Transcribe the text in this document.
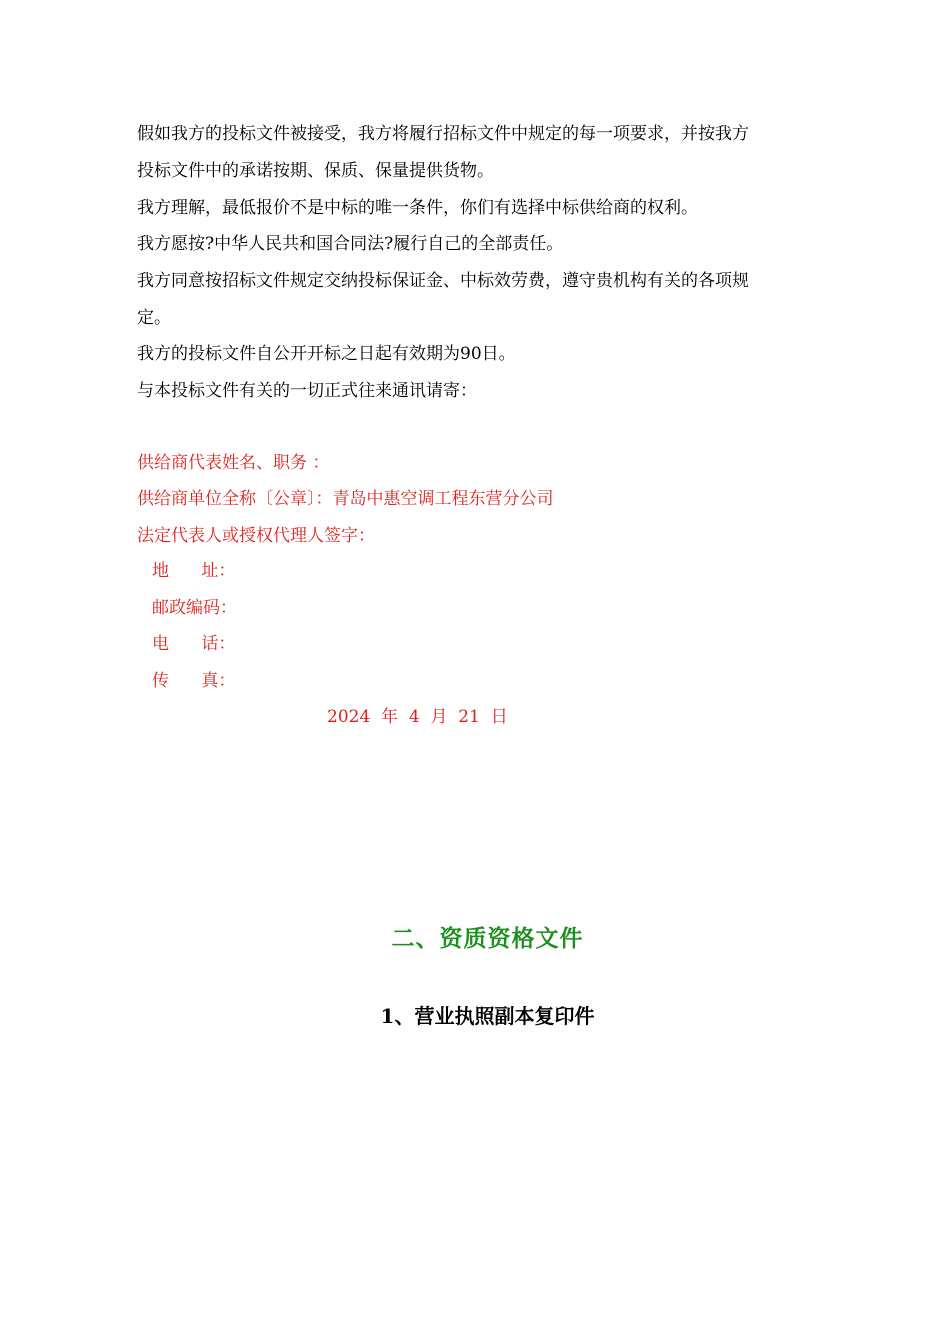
假如我方的投标文件被接受，我方将履行招标文件中规定的每一项要求，并按我方

投标文件中的承诺按期、保质、保量提供货物。

我方理解，最低报价不是中标的唯一条件，你们有选择中标供给商的权利。

我方愿按?中华人民共和国合同法?履行自己的全部责任。

我方同意按招标文件规定交纳投标保证金、中标效劳费，遵守贵机构有关的各项规

定。

我方的投标文件自公开开标之日起有效期为90日。

与本投标文件有关的一切正式往来通讯请寄：

供给商代表姓名、职务 ：

供给商单位全称〔公章〕：青岛中惠空调工程东营分公司

法定代表人或授权代理人签字：

地      址：
邮政编码：
电      话：
传      真：
2024  年  4  月  21  日
二、资质资格文件
1、营业执照副本复印件
